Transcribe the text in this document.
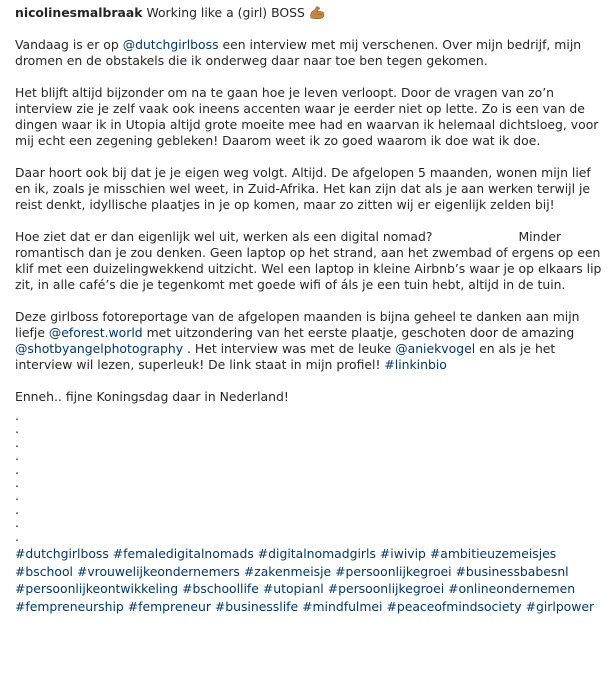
nicolinesmalbraak Working like a (girl) BOSS

Vandaag is er op @dutchgirlboss een interview met mij verschenen. Over mijn bedrijf, mijn dromen en de obstakels die ik onderweg daar naar toe ben tegen gekomen.

Het blijft altijd bijzonder om na te gaan hoe je leven verloopt. Door de vragen van zo’n interview zie je zelf vaak ook ineens accenten waar je eerder niet op lette. Zo is een van de dingen waar ik in Utopia altijd grote moeite mee had en waarvan ik helemaal dichtsloeg, voor mij echt een zegening gebleken! Daarom weet ik zo goed waarom ik doe wat ik doe.

Daar hoort ook bij dat je je eigen weg volgt. Altijd. De afgelopen 5 maanden, wonen mijn lief en ik, zoals je misschien wel weet, in Zuid-Afrika. Het kan zijn dat als je aan werken terwijl je reist denkt, idyllische plaatjes in je op komen, maar zo zitten wij er eigenlijk zelden bij!

Hoe ziet dat er dan eigenlijk wel uit, werken als een digital nomad?	Minder romantisch dan je zou denken. Geen laptop op het strand, aan het zwembad of ergens op een klif met een duizelingwekkend uitzicht. Wel een laptop in kleine Airbnb’s waar je op elkaars lip zit, in alle café’s die je tegenkomt met goede wifi of áls je een tuin hebt, altijd in de tuin.

Deze girlboss fotoreportage van de afgelopen maanden is bijna geheel te danken aan mijn liefje @eforest.world met uitzondering van het eerste plaatje, geschoten door de amazing @shotbyangelphotography . Het interview was met de leuke @aniekvogel en als je het interview wil lezen, superleuk! De link staat in mijn profiel! #linkinbio

Enneh.. fijne Koningsdag daar in Nederland!

.
.
.
.
.
.
.
.
.
.
#dutchgirlboss #femaledigitalnomads #digitalnomadgirls #iwivip #ambitieuzemeisjes #bschool #vrouwelijkeondernemers #zakenmeisje #persoonlijkegroei #businessbabesnl #persoonlijkeontwikkeling #bschoollife #utopianl #persoonlijkegroei #onlineondernemen #fempreneurship #fempreneur #businesslife #mindfulmei #peaceofmindsociety #girlpower
